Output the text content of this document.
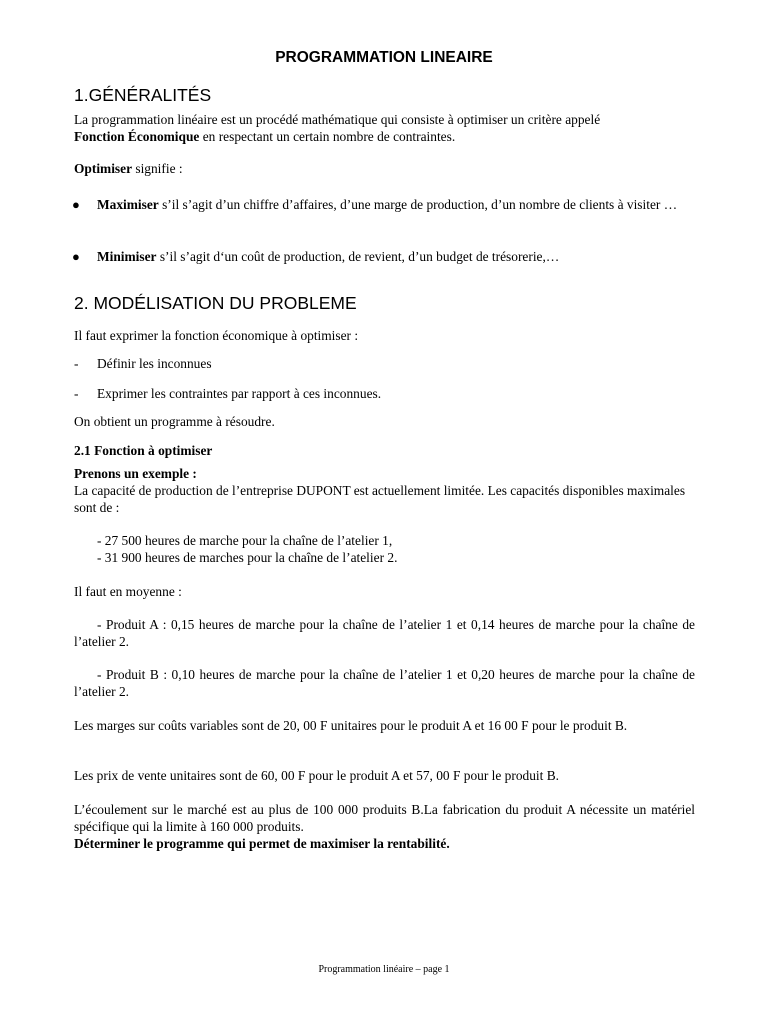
PROGRAMMATION LINEAIRE
1.GÉNÉRALITÉS

La programmation linéaire est un procédé mathématique qui consiste à optimiser un critère appelé
Fonction Économique en respectant un certain nombre de contraintes.

Optimiser signifie :

● Maximiser s’il s’agit d’un chiffre d’affaires, d’une marge de production, d’un nombre de clients à visiter …

● Minimiser s’il s’agit d‘un coût de production, de revient, d’un budget de trésorerie,…

2. MODÉLISATION DU PROBLEME

Il faut exprimer la fonction économique à optimiser :

- Définir les inconnues
- Exprimer les contraintes par rapport à ces inconnues.

On obtient un programme à résoudre.

2.1 Fonction à optimiser

Prenons un exemple :

La capacité de production de l’entreprise DUPONT est actuellement limitée. Les capacités disponibles maximales sont de :

- 27 500 heures de marche pour la chaîne de l’atelier 1,
- 31 900 heures de marches pour la chaîne de l’atelier 2.

Il faut en moyenne :

- Produit A : 0,15 heures de marche pour la chaîne de l’atelier 1 et 0,14 heures de marche pour la chaîne de l’atelier 2.

- Produit B : 0,10 heures de marche pour la chaîne de l’atelier 1 et 0,20 heures de marche pour la chaîne de l’atelier 2.

Les marges sur coûts variables sont de 20, 00 F unitaires pour le produit A et 16 00 F pour le produit B.

Les prix de vente unitaires sont de 60, 00 F pour le produit A et 57, 00 F pour le produit B.

L’écoulement sur le marché est au plus de 100 000 produits B.La fabrication du produit A nécessite un matériel spécifique qui la limite à 160 000 produits.

Déterminer le programme qui permet de maximiser la rentabilité.

Programmation linéaire – page 1
